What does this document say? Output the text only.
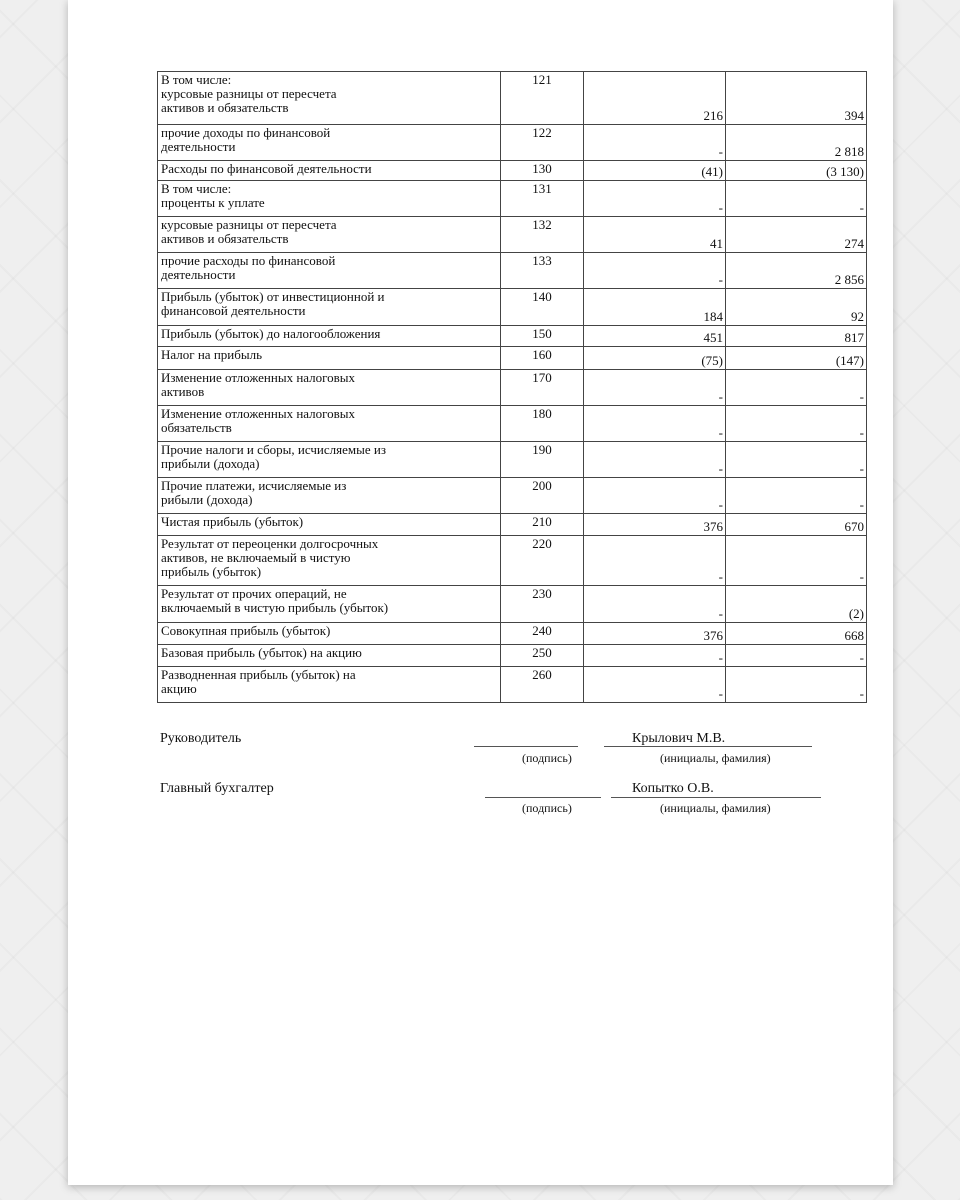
В том числе:
курсовые разницы от пересчета
активов и обязательств	121	216	394
прочие доходы по финансовой
деятельности	122	-	2 818
Расходы по финансовой деятельности	130	(41)	(3 130)
В том числе:
проценты к уплате	131	-	-
курсовые разницы от пересчета
активов и обязательств	132	41	274
прочие расходы по финансовой
деятельности	133	-	2 856
Прибыль (убыток) от инвестиционной и
финансовой деятельности	140	184	92
Прибыль (убыток) до налогообложения	150	451	817
Налог на прибыль	160	(75)	(147)
Изменение отложенных налоговых
активов	170	-	-
Изменение отложенных налоговых
обязательств	180	-	-
Прочие налоги и сборы, исчисляемые из
прибыли (дохода)	190	-	-
Прочие платежи, исчисляемые из
рибыли (дохода)	200	-	-
Чистая прибыль (убыток)	210	376	670
Результат от переоценки долгосрочных
активов, не включаемый в чистую
прибыль (убыток)	220	-	-
Результат от прочих операций, не
включаемый в чистую прибыль (убыток)	230	-	(2)
Совокупная прибыль (убыток)	240	376	668
Базовая прибыль (убыток) на акцию	250	-	-
Разводненная прибыль (убыток) на
акцию	260	-	-
Руководитель	Крылович М.В.
(подпись)	(инициалы, фамилия)
Главный бухгалтер	Копытко О.В.
(подпись)	(инициалы, фамилия)
